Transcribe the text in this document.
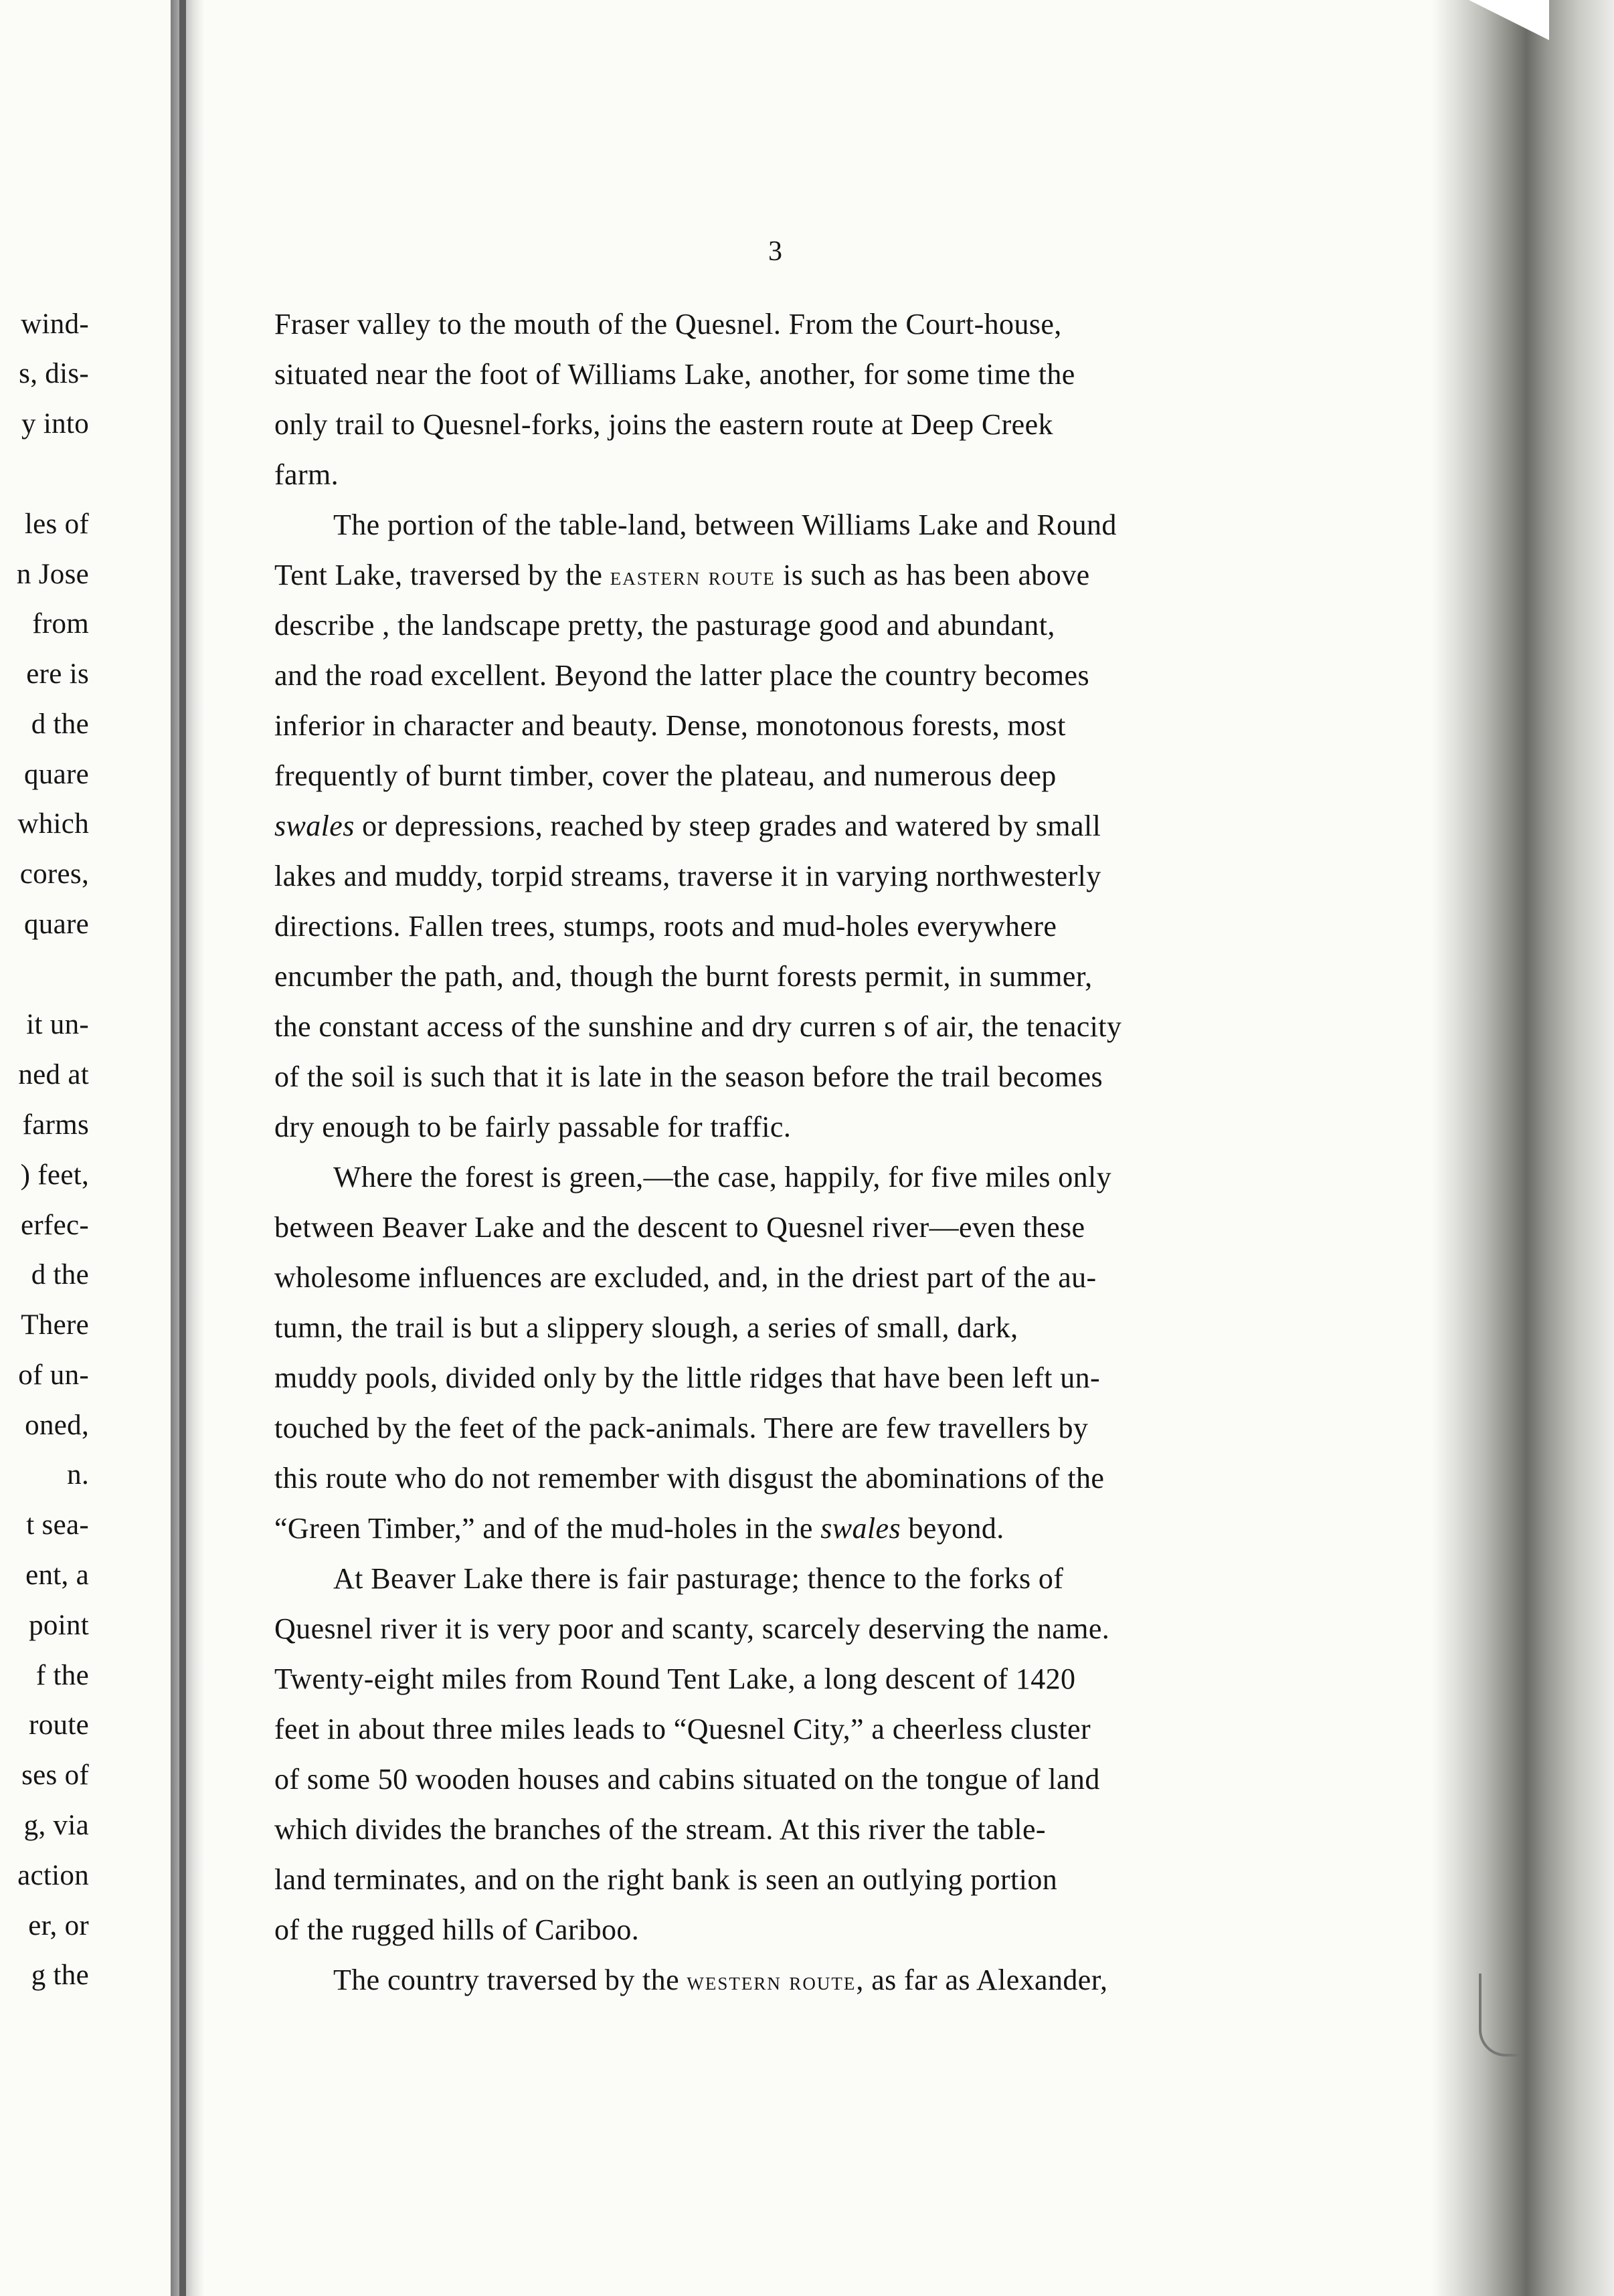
wind-
s, dis-
y into
les of
n Jose
from
ere is
d the
quare
which
cores,
quare
it un-
ned at
farms
) feet,
erfec-
d the
There
of un-
oned,
n.
t sea-
ent, a
point
f the
route
ses of
g, via
action
er, or
g the
3
Fraser valley to the mouth of the Quesnel. From the Court-house,
situated near the foot of Williams Lake, another, for some time the
only trail to Quesnel-forks, joins the eastern route at Deep Creek
farm.
The portion of the table-land, between Williams Lake and Round
Tent Lake, traversed by the eastern route is such as has been above
describe , the landscape pretty, the pasturage good and abundant,
and the road excellent. Beyond the latter place the country becomes
inferior in character and beauty. Dense, monotonous forests, most
frequently of burnt timber, cover the plateau, and numerous deep
swales or depressions, reached by steep grades and watered by small
lakes and muddy, torpid streams, traverse it in varying northwesterly
directions. Fallen trees, stumps, roots and mud-holes everywhere
encumber the path, and, though the burnt forests permit, in summer,
the constant access of the sunshine and dry curren s of air, the tenacity
of the soil is such that it is late in the season before the trail becomes
dry enough to be fairly passable for traffic.
Where the forest is green,—the case, happily, for five miles only
between Beaver Lake and the descent to Quesnel river—even these
wholesome influences are excluded, and, in the driest part of the au-
tumn, the trail is but a slippery slough, a series of small, dark,
muddy pools, divided only by the little ridges that have been left un-
touched by the feet of the pack-animals. There are few travellers by
this route who do not remember with disgust the abominations of the
“Green Timber,” and of the mud-holes in the swales beyond.
At Beaver Lake there is fair pasturage; thence to the forks of
Quesnel river it is very poor and scanty, scarcely deserving the name.
Twenty-eight miles from Round Tent Lake, a long descent of 1420
feet in about three miles leads to “Quesnel City,” a cheerless cluster
of some 50 wooden houses and cabins situated on the tongue of land
which divides the branches of the stream. At this river the table-
land terminates, and on the right bank is seen an outlying portion
of the rugged hills of Cariboo.
The country traversed by the western route, as far as Alexander,
